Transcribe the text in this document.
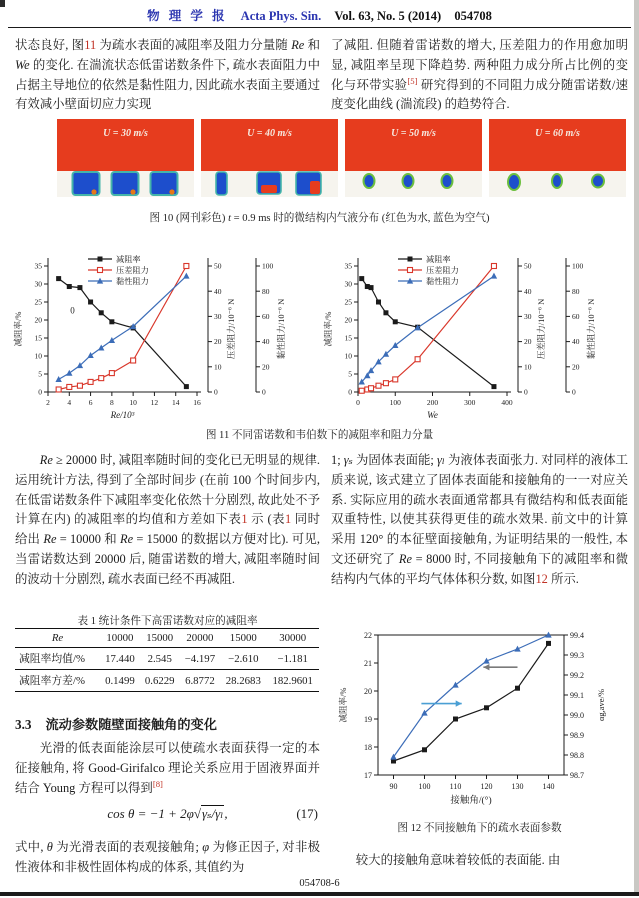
物 理 学 报 Acta Phys. Sin. Vol. 63, No. 5 (2014) 054708
状态良好, 图11 为疏水表面的减阻率及阻力分量随 Re 和 We 的变化. 在湍流状态低雷诺数条件下, 疏水表面阻力中占据主导地位的依然是黏性阻力, 因此疏水表面主要通过有效减小壁面切应力实现
了减阻. 但随着雷诺数的增大, 压差阻力的作用愈加明显, 减阻率呈现下降趋势. 两种阻力成分所占比例的变化与环带实验[5] 研究得到的不同阻力成分随雷诺数/速度变化曲线 (湍流段) 的趋势符合.
U = 30 m/s	U = 40 m/s	U = 50 m/s	U = 60 m/s
图 10 (网刊彩色) t = 0.9 ms 时的微结构内气液分布 (红色为水, 蓝色为空气)
0
5
10
15
20
25
30
35
减阻率/%
2 4 6 8 10 12 14 16
Re/10³
0
10
20
30
40
50
压差阻力/10⁻⁶ N
0
20
40
60
80
100
黏性阻力/10⁻⁶ N
减阻率
压差阻力
黏性阻力
0
0
5
10
15
20
25
30
35
减阻率/%
0	100	200	300	400
We
0
10
20
30
40
50
压差阻力/10⁻⁶ N
0
20
40
60
80
100
黏性阻力/10⁻⁶ N
减阻率
压差阻力
黏性阻力
图 11 不同雷诺数和韦伯数下的减阻率和阻力分量
Re ≥ 20000 时, 减阻率随时间的变化已无明显的规律. 运用统计方法, 得到了全部时间步 (在前 100 个时间步内, 在低雷诺数条件下减阻率变化依然十分剧烈, 故此处不予计算在内) 的减阻率的均值和方差如下表1 示 (表1 同时给出 Re = 10000 和 Re = 15000 的数据以方便对比). 可见, 当雷诺数达到 20000 后, 随雷诺数的增大, 减阻率随时间的波动十分剧烈, 疏水表面已经不再减阻.
表 1 统计条件下高雷诺数对应的减阻率
Re	10000	15000	20000	15000	30000
减阻率均值/%	17.440	2.545	−4.197	−2.610	−1.181
减阻率方差/%	0.1499	0.6229	6.8772	28.2683	182.9601
3.3 流动参数随壁面接触角的变化
光滑的低表面能涂层可以使疏水表面获得一定的本征接触角, 将 Good-Girifalco 理论关系应用于固液界面并结合 Young 方程可以得到[8]
cos θ = −1 + 2φ√γₛ/γₗ,	(17)
式中, θ 为光滑表面的表观接触角; φ 为修正因子, 对非极性液体和非极性固体构成的体系, 其值约为
1; γₛ 为固体表面能; γₗ 为液体表面张力. 对同样的液体工质来说, 该式建立了固体表面能和接触角的一一对应关系. 实际应用的疏水表面通常都具有微结构和低表面能双重特性, 以使其获得更佳的疏水效果. 前文中的计算采用 120° 的本征壁面接触角, 为证明结果的一般性, 本文还研究了 Re = 8000 时, 不同接触角下的减阻率和微结构内气体的平均气体体积分数, 如图12 所示.
17
18
19
20
21
22
98.7
98.8
98.9
99.0
99.1
99.2
99.3
99.4
90	100 110 120 130 140
接触角/(°)
减阻率/%	αg,ave/%
图 12 不同接触角下的疏水表面参数
较大的接触角意味着较低的表面能. 由
054708-6
